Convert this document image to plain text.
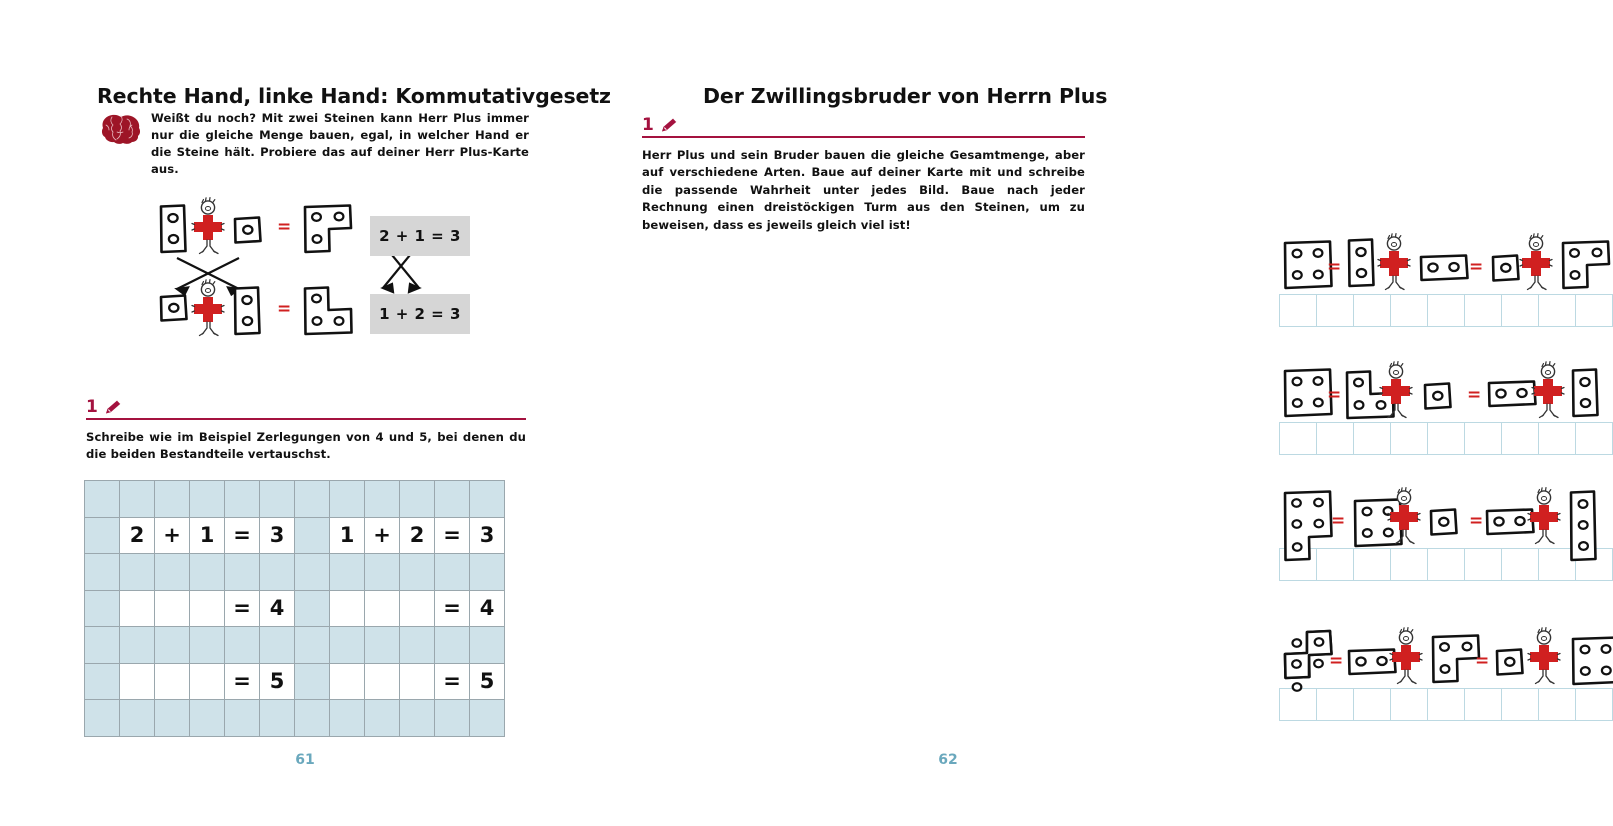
Rechte Hand, linke Hand: Kommutativgesetz
Weißt du noch? Mit zwei Steinen kann Herr Plus immer nur die gleiche Menge bauen, egal, in welcher Hand er die Steine hält. Probiere das auf deiner Herr Plus-Karte aus.
=
=
2 + 1 = 3
1 + 2 = 3
1
Schreibe wie im Beispiel Zerlegungen von 4 und 5, bei denen du die beiden Bestandteile vertauschst.

	2	+	1	=	3		1	+	2	=	3

				=	4					=	4

				=	5					=	5

61
Der Zwillingsbruder von Herrn Plus
1
Herr Plus und sein Bruder bauen die gleiche Gesamtmenge, aber auf verschiedene Arten. Baue auf deiner Karte mit und schreibe die passende Wahrheit unter jedes Bild. Baue nach jeder Rechnung einen dreistöckigen Turm aus den Steinen, um zu beweisen, dass es jeweils gleich viel ist!
=	=

=	=

=	=

=	=

62
